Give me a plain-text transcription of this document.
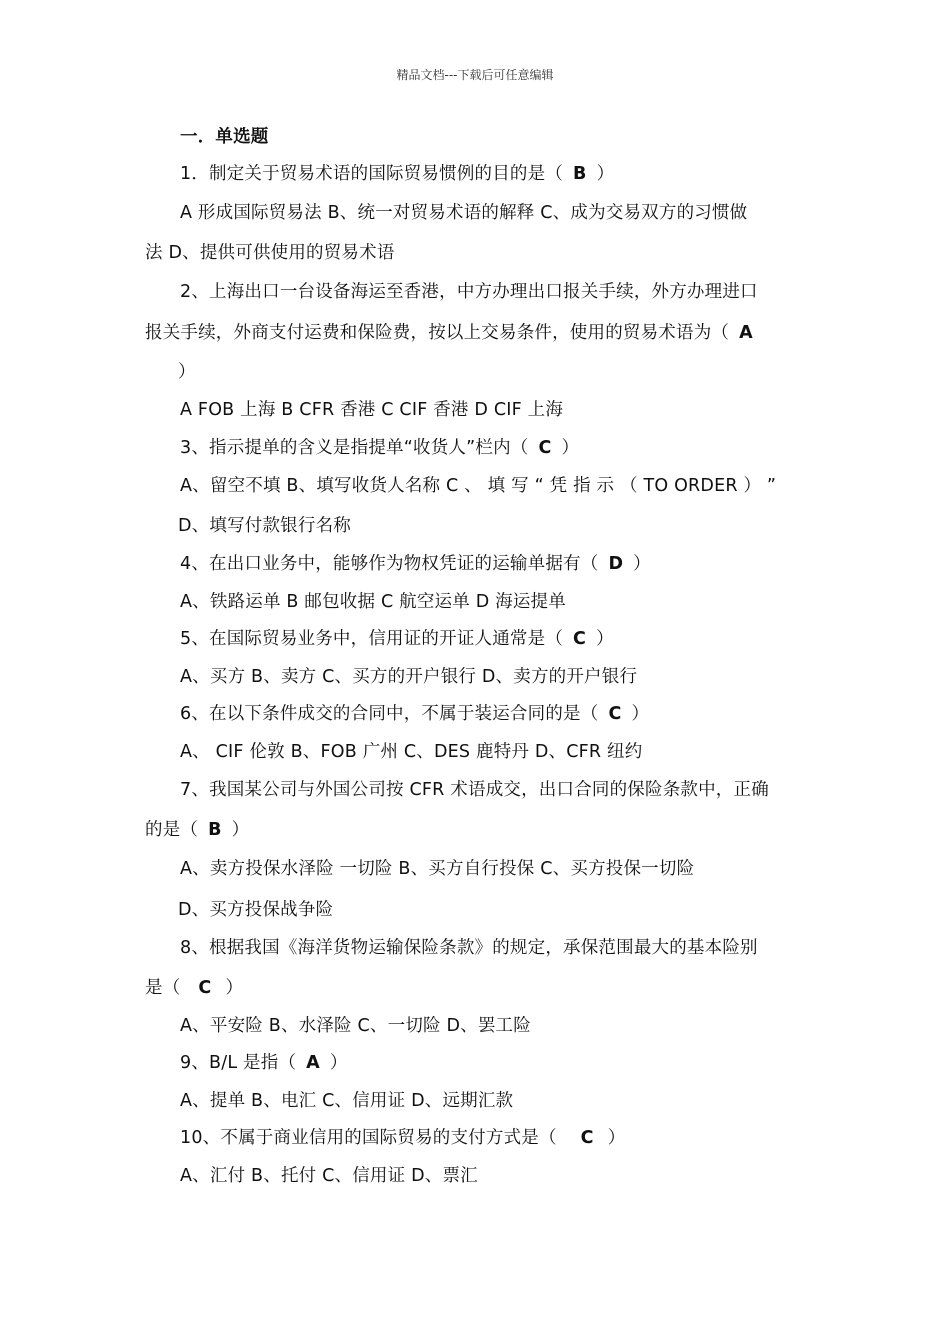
精品文档---下载后可任意编辑
一．单选题
1．制定关于贸易术语的国际贸易惯例的目的是（ B ）
A 形成国际贸易法 B、统一对贸易术语的解释 C、成为交易双方的习惯做
法 D、提供可供使用的贸易术语
2、上海出口一台设备海运至香港，中方办理出口报关手续，外方办理进口
报关手续，外商支付运费和保险费，按以上交易条件，使用的贸易术语为（ A
）
A FOB 上海 B CFR 香港 C CIF 香港 D CIF 上海
3、指示提单的含义是指提单“收货人”栏内（ C ）
A、留空不填 B、填写收货人名称 C 、 填 写 “ 凭 指 示 （ TO ORDER ） ”
D、填写付款银行名称
4、在出口业务中，能够作为物权凭证的运输单据有（ D ）
A、铁路运单 B 邮包收据 C 航空运单 D 海运提单
5、在国际贸易业务中，信用证的开证人通常是（ C ）
A、买方 B、卖方 C、买方的开户银行 D、卖方的开户银行
6、在以下条件成交的合同中，不属于装运合同的是（ C ）
A、 CIF 伦敦 B、FOB 广州 C、DES 鹿特丹 D、CFR 纽约
7、我国某公司与外国公司按 CFR 术语成交，出口合同的保险条款中，正确
的是（ B ）
A、卖方投保水泽险 一切险 B、买方自行投保 C、买方投保一切险
D、买方投保战争险
8、根据我国《海洋货物运输保险条款》的规定，承保范围最大的基本险别
是（ C ）
A、平安险 B、水泽险 C、一切险 D、罢工险
9、B/L 是指（ A ）
A、提单 B、电汇 C、信用证 D、远期汇款
10、不属于商业信用的国际贸易的支付方式是（ C ）
A、汇付 B、托付 C、信用证 D、票汇
